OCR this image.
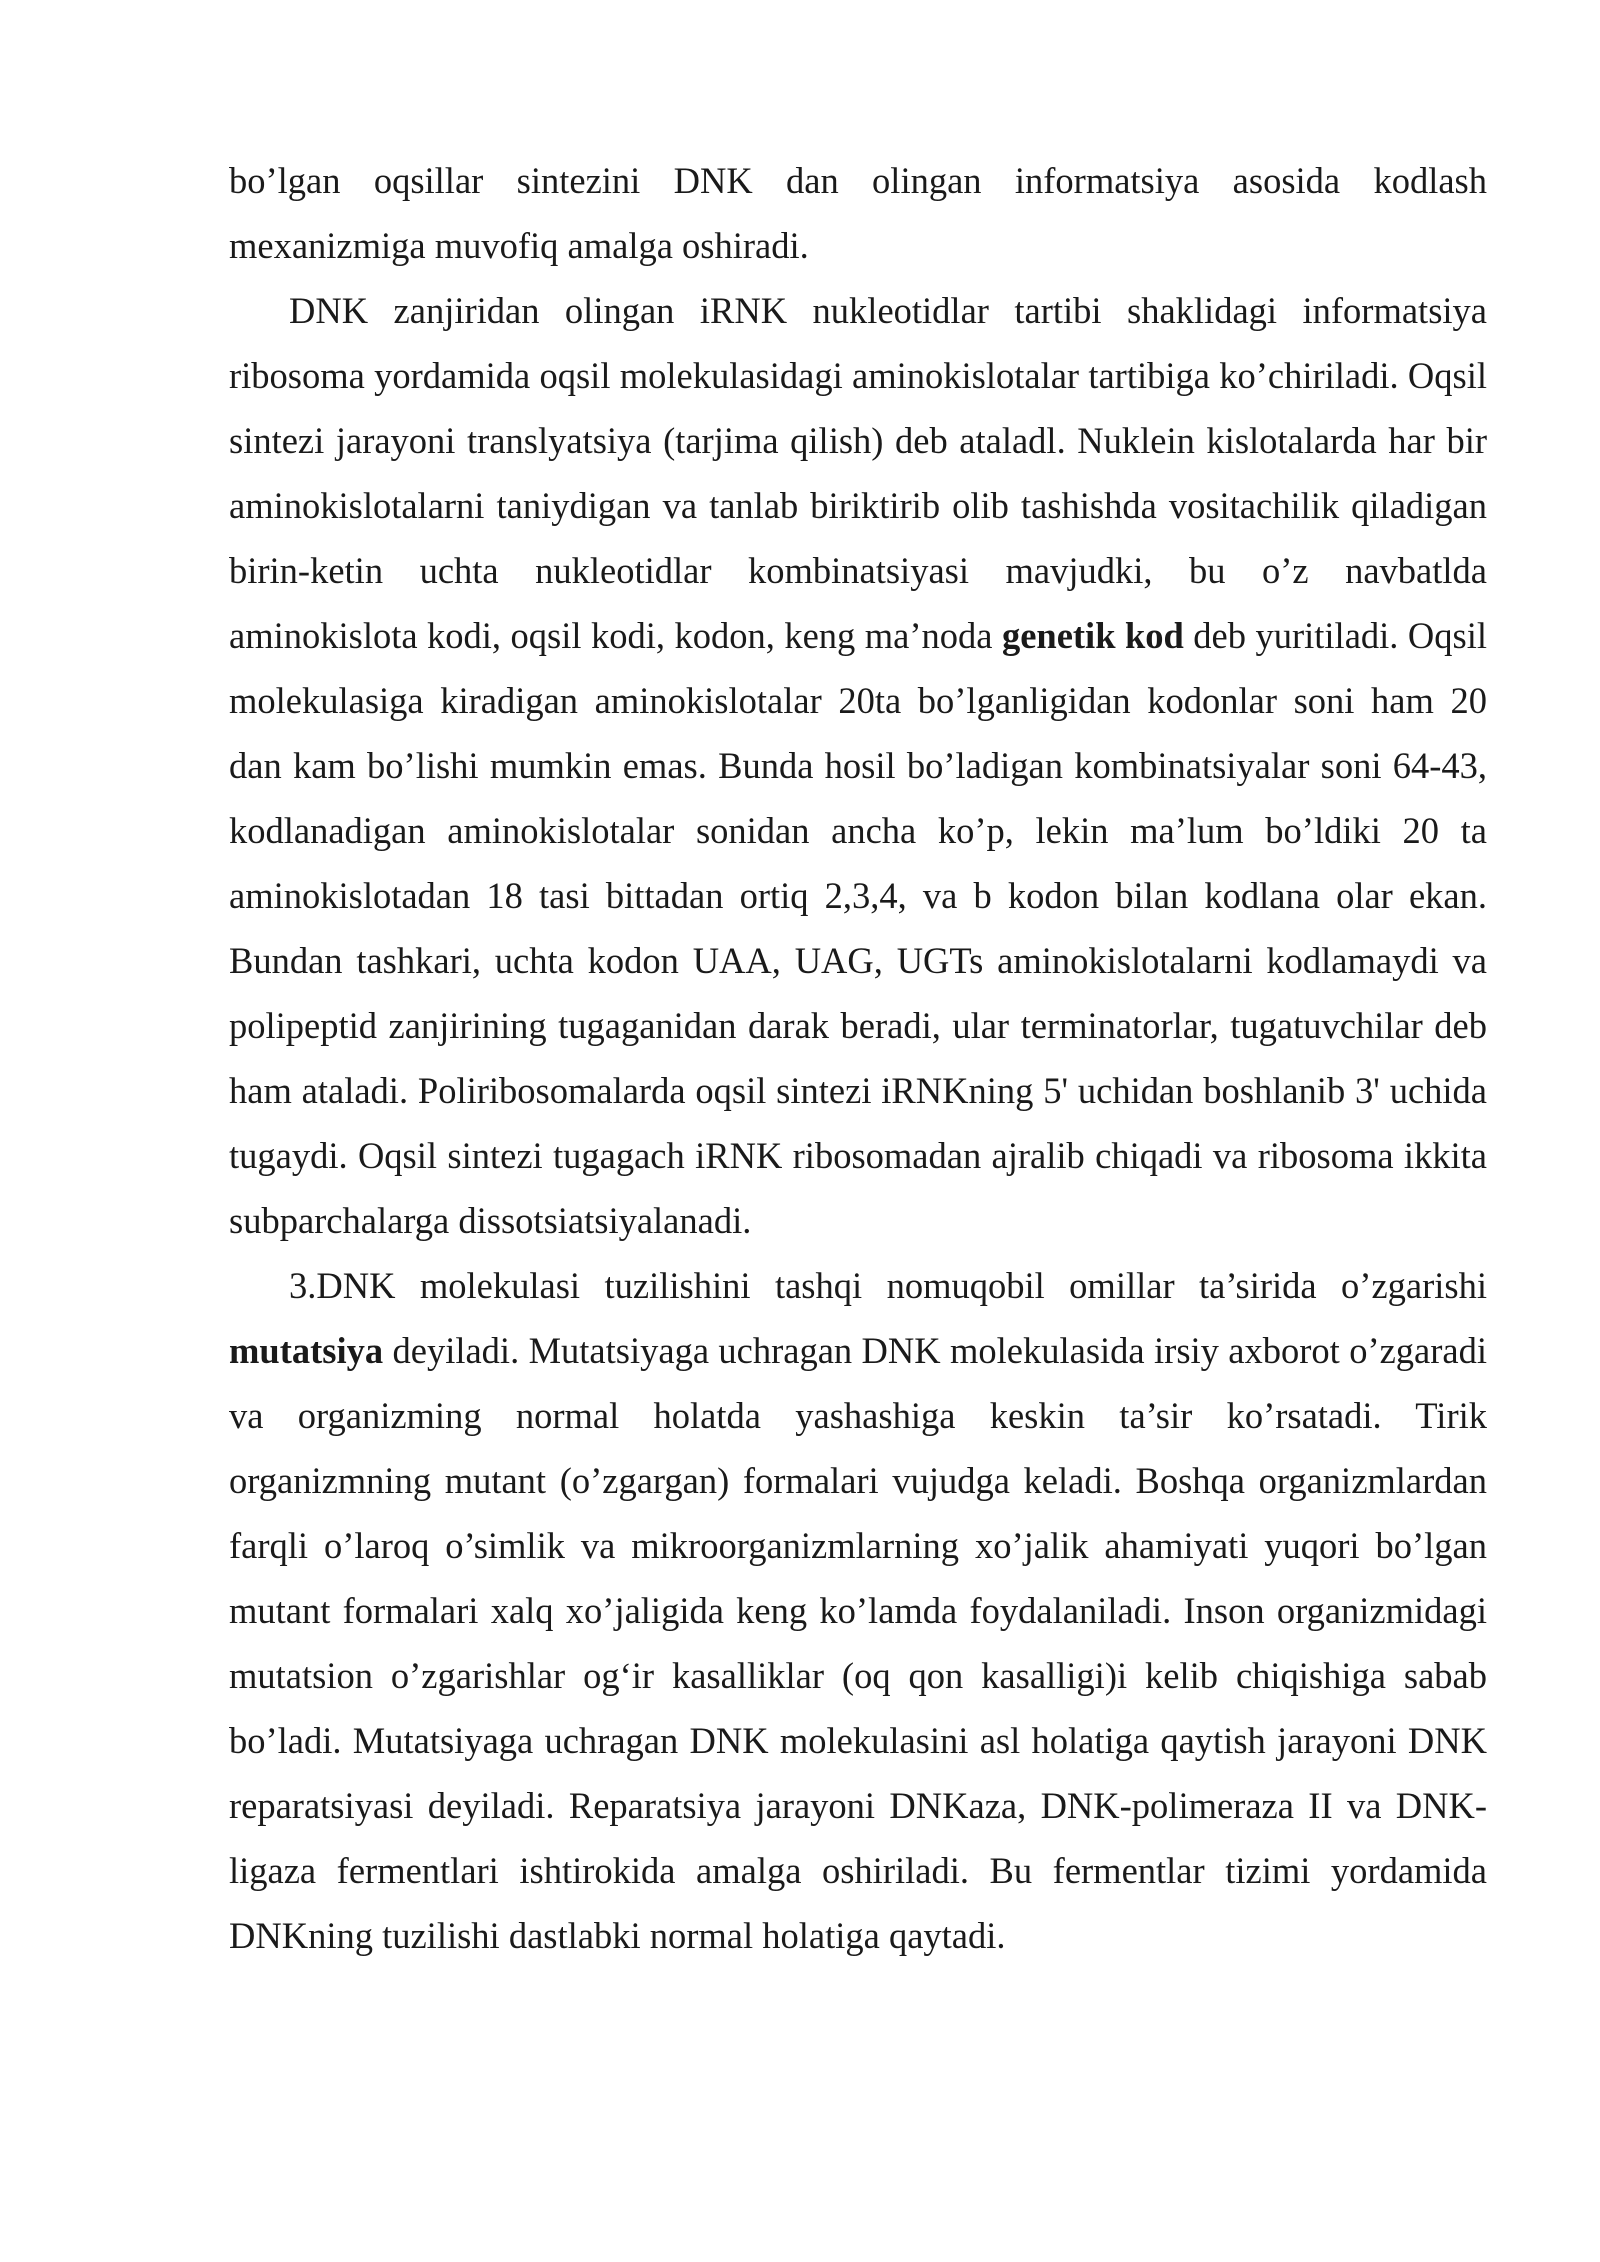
bo’lgan oqsillar sintezini DNK dan olingan informatsiya asosida kodlash mexanizmiga muvofiq amalga oshiradi.

DNK zanjiridan olingan iRNK nukleotidlar tartibi shaklidagi informatsiya ribosoma yordamida oqsil molekulasidagi aminokislotalar tartibiga ko’chiriladi. Oqsil sintezi jarayoni translyatsiya (tarjima qilish) deb ataladl. Nuklein kislotalarda har bir aminokislotalarni taniydigan va tanlab biriktirib olib tashishda vositachilik qiladigan birin-ketin uchta nukleotidlar kombinatsiyasi mavjudki, bu o’z navbatlda aminokislota kodi, oqsil kodi, kodon, keng ma’noda genetik kod deb yuritiladi. Oqsil molekulasiga kiradigan aminokislotalar 20ta bo’lganligidan kodonlar soni ham 20 dan kam bo’lishi mumkin emas. Bunda hosil bo’ladigan kombinatsiyalar soni 64-43, kodlanadigan aminokislotalar sonidan ancha ko’p, lekin ma’lum bo’ldiki 20 ta aminokislotadan 18 tasi bittadan ortiq 2,3,4, va b kodon bilan kodlana olar ekan. Bundan tashkari, uchta kodon UAA, UAG, UGTs aminokislotalarni kodlamaydi va polipeptid zanjirining tugaganidan darak beradi, ular terminatorlar, tugatuvchilar deb ham ataladi. Poliribosomalarda oqsil sintezi iRNKning 5' uchidan boshlanib 3' uchida tugaydi. Oqsil sintezi tugagach iRNK ribosomadan ajralib chiqadi va ribosoma ikkita subparchalarga dissotsiatsiyalanadi.

3.DNK molekulasi tuzilishini tashqi nomuqobil omillar ta’sirida o’zgarishi mutatsiya deyiladi. Mutatsiyaga uchragan DNK molekulasida irsiy axborot o’zgaradi va organizming normal holatda yashashiga keskin ta’sir ko’rsatadi. Tirik organizmning mutant (o’zgargan) formalari vujudga keladi. Boshqa organizmlardan farqli o’laroq o’simlik va mikroorganizmlarning xo’jalik ahamiyati yuqori bo’lgan mutant formalari xalq xo’jaligida keng ko’lamda foydalaniladi. Inson organizmidagi mutatsion o’zgarishlar og‘ir kasalliklar (oq qon kasalligi)i kelib chiqishiga sabab bo’ladi. Mutatsiyaga uchragan DNK molekulasini asl holatiga qaytish jarayoni DNK reparatsiyasi deyiladi. Reparatsiya jarayoni DNKaza, DNK-polimeraza II va DNK-ligaza fermentlari ishtirokida amalga oshiriladi. Bu fermentlar tizimi yordamida DNKning tuzilishi dastlabki normal holatiga qaytadi.
